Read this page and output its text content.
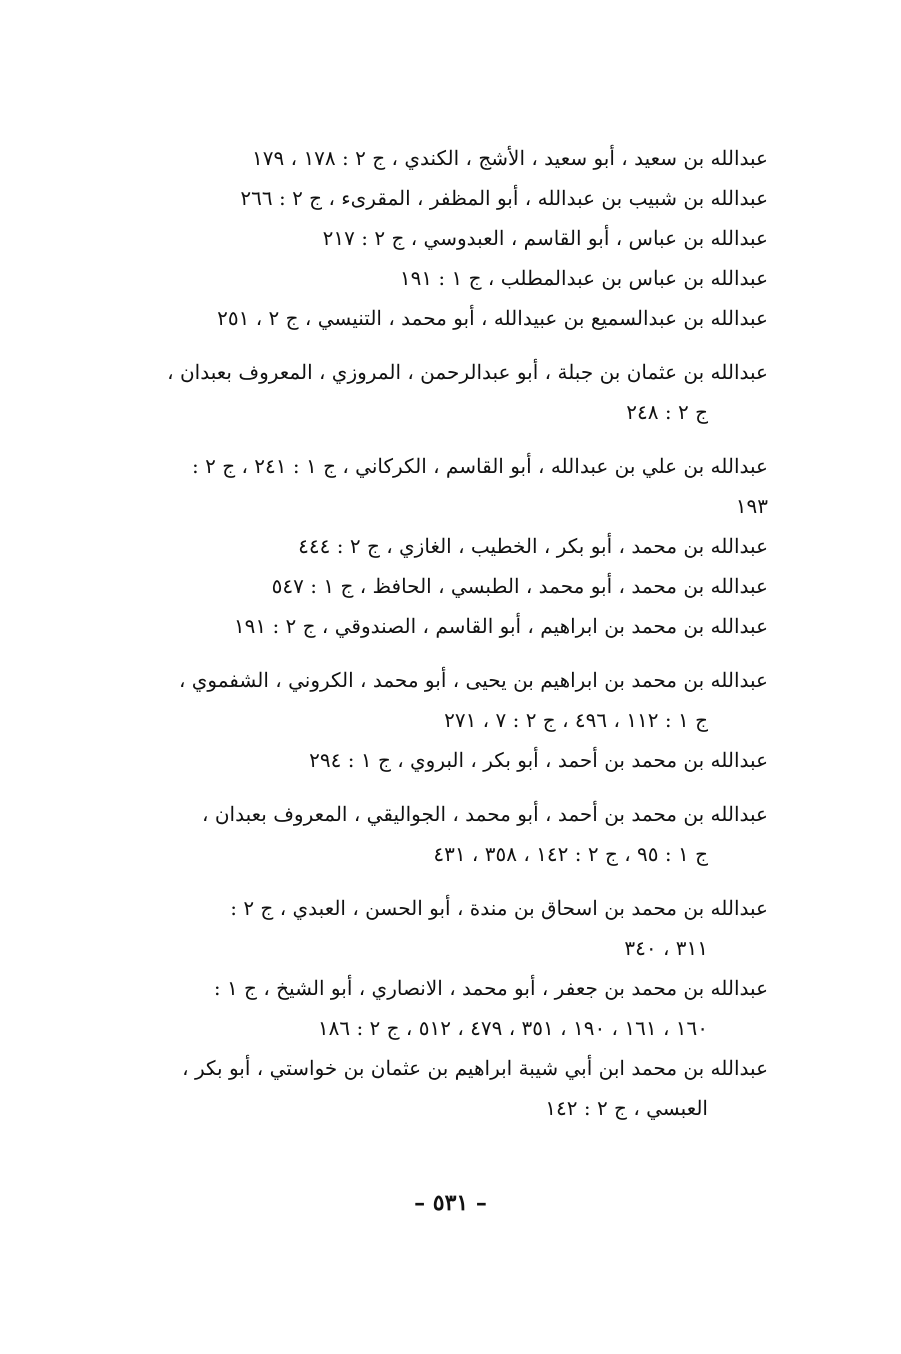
عبدالله بن سعيد ، أبو سعيد ، الأشج ، الكندي ، ج ٢ : ١٧٨ ، ١٧٩
عبدالله بن شبيب بن عبدالله ، أبو المظفر ، المقرىء ، ج ٢ : ٢٦٦
عبدالله بن عباس ، أبو القاسم ، العبدوسي ، ج ٢ : ٢١٧
عبدالله بن عباس بن عبدالمطلب ، ج ١ : ١٩١
عبدالله بن عبدالسميع بن عبيدالله ، أبو محمد ، التنيسي ، ج ٢ ، ٢٥١
عبدالله بن عثمان بن جبلة ، أبو عبدالرحمن ، المروزي ، المعروف بعبدان ،
ج ٢ : ٢٤٨
عبدالله بن علي بن عبدالله ، أبو القاسم ، الكركاني ، ج ١ : ٢٤١ ، ج ٢ :
١٩٣
عبدالله بن محمد ، أبو بكر ، الخطيب ، الغازي ، ج ٢ : ٤٤٤
عبدالله بن محمد ، أبو محمد ، الطبسي ، الحافظ ، ج ١ : ٥٤٧
عبدالله بن محمد بن ابراهيم ، أبو القاسم ، الصندوقي ، ج ٢ : ١٩١
عبدالله بن محمد بن ابراهيم بن يحيى ، أبو محمد ، الكروني ، الشفموي ،
ج ١ : ١١٢ ، ٤٩٦ ، ج ٢ : ٧ ، ٢٧١
عبدالله بن محمد بن أحمد ، أبو بكر ، البروي ، ج ١ : ٢٩٤
عبدالله بن محمد بن أحمد ، أبو محمد ، الجواليقي ، المعروف بعبدان ،
ج ١ : ٩٥ ، ج ٢ : ١٤٢ ، ٣٥٨ ، ٤٣١
عبدالله بن محمد بن اسحاق بن مندة ، أبو الحسن ، العبدي ، ج ٢ :
٣١١ ، ٣٤٠
عبدالله بن محمد بن جعفر ، أبو محمد ، الانصاري ، أبو الشيخ ، ج ١ :
١٦٠ ، ١٦١ ، ١٩٠ ، ٣٥١ ، ٤٧٩ ، ٥١٢ ، ج ٢ : ١٨٦
عبدالله بن محمد ابن أبي شيبة ابراهيم بن عثمان بن خواستي ، أبو بكر ،
العبسي ، ج ٢ : ١٤٢
– ٥٣١ –
